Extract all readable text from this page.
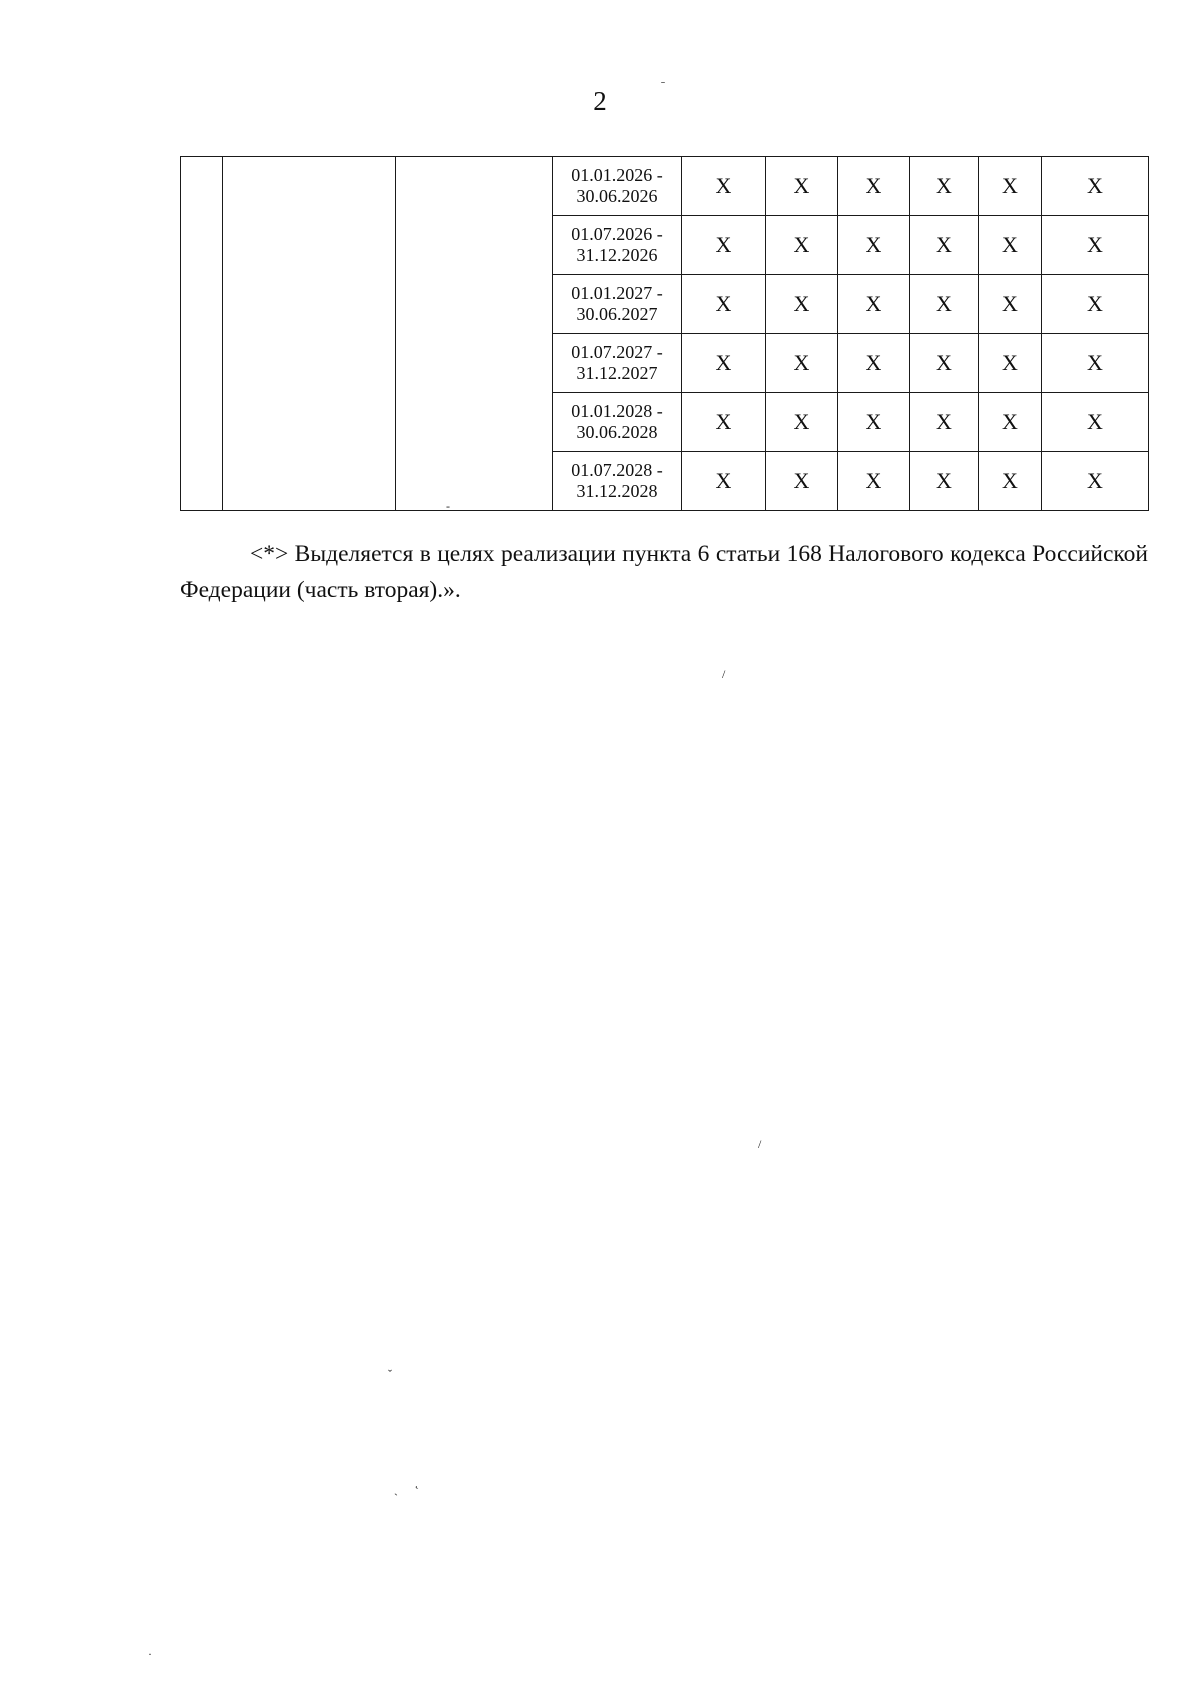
ˉ
2
			01.01.2026 -
30.06.2026	X	X	X	X	X	X
			01.07.2026 -
31.12.2026	X	X	X	X	X	X
			01.01.2027 -
30.06.2027	X	X	X	X	X	X
			01.07.2027 -
31.12.2027	X	X	X	X	X	X
			01.01.2028 -
30.06.2028	X	X	X	X	X	X
			01.07.2028 -
31.12.2028	X	X	X	X	X	X
<*> Выделяется в целях реализации пункта 6 статьи 168 Налогового кодекса Российской Федерации (часть вторая).».
-
/
/
ˇ
˛
`
·
